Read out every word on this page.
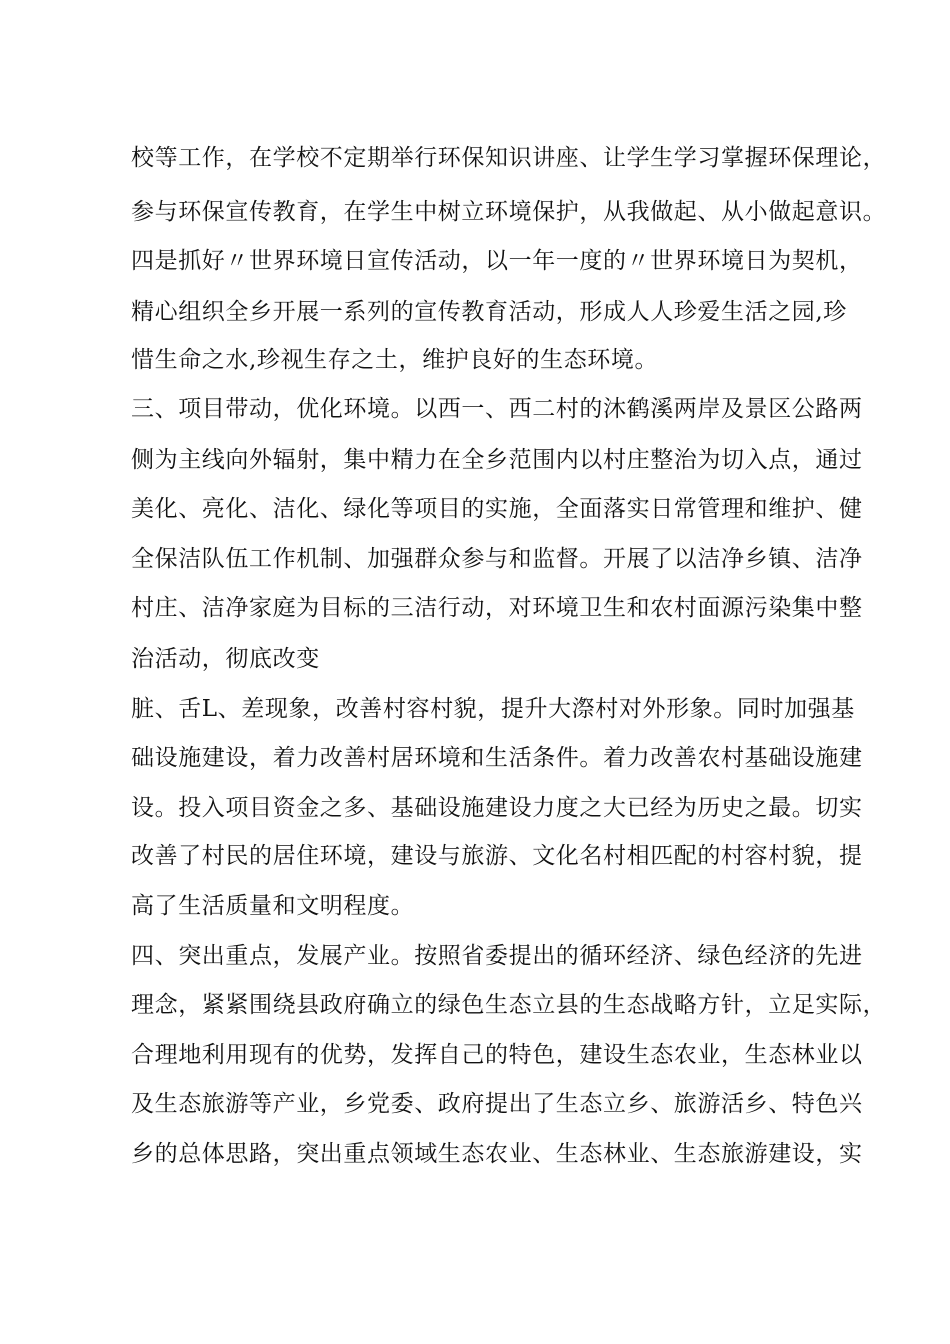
校等工作，在学校不定期举行环保知识讲座、让学生学习掌握环保理论，
参与环保宣传教育，在学生中树立环境保护，从我做起、从小做起意识。
四是抓好〃世界环境日宣传活动，以一年一度的〃世界环境日为契机，
精心组织全乡开展一系列的宣传教育活动，形成人人珍爱生活之园,珍
惜生命之水,珍视生存之土，维护良好的生态环境。
三、项目带动，优化环境。以西一、西二村的沐鹤溪两岸及景区公路两
侧为主线向外辐射，集中精力在全乡范围内以村庄整治为切入点，通过
美化、亮化、洁化、绿化等项目的实施，全面落实日常管理和维护、健
全保洁队伍工作机制、加强群众参与和监督。开展了以洁净乡镇、洁净
村庄、洁净家庭为目标的三洁行动，对环境卫生和农村面源污染集中整
治活动，彻底改变
脏、舌L、差现象，改善村容村貌，提升大漈村对外形象。同时加强基
础设施建设，着力改善村居环境和生活条件。着力改善农村基础设施建
设。投入项目资金之多、基础设施建设力度之大已经为历史之最。切实
改善了村民的居住环境，建设与旅游、文化名村相匹配的村容村貌，提
高了生活质量和文明程度。
四、突出重点，发展产业。按照省委提出的循环经济、绿色经济的先进
理念，紧紧围绕县政府确立的绿色生态立县的生态战略方针，立足实际，
合理地利用现有的优势，发挥自己的特色，建设生态农业，生态林业以
及生态旅游等产业，乡党委、政府提出了生态立乡、旅游活乡、特色兴
乡的总体思路，突出重点领域生态农业、生态林业、生态旅游建设，实
